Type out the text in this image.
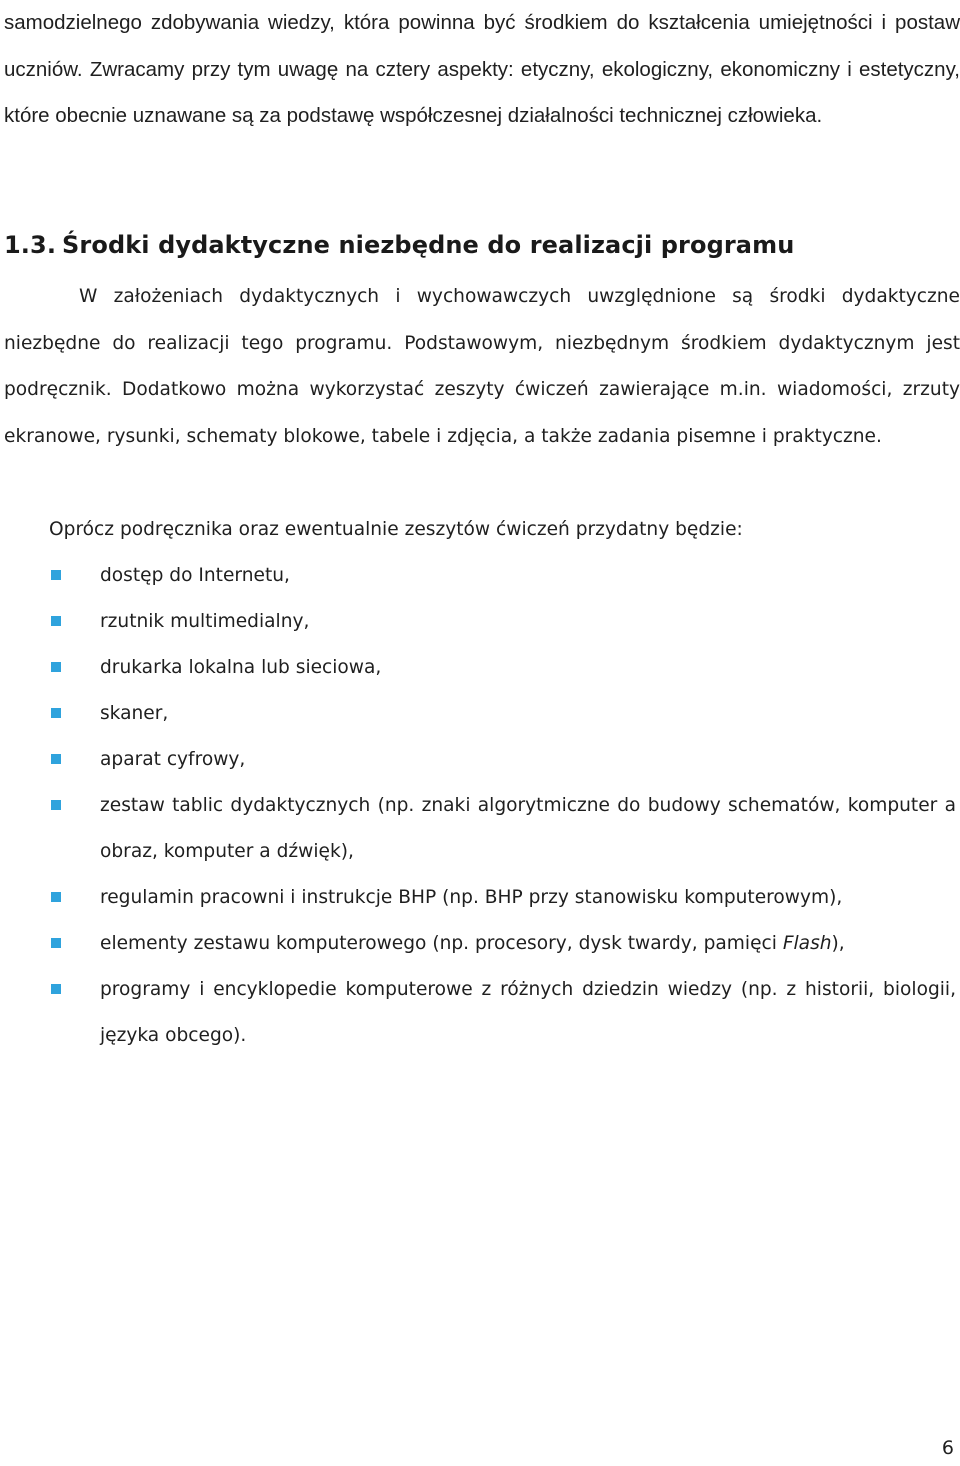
samodzielnego zdobywania wiedzy, która powinna być środkiem do kształcenia umiejętności i postaw uczniów. Zwracamy przy tym uwagę na cztery aspekty: etyczny, ekologiczny, ekonomiczny i estetyczny, które obecnie uznawane są za podstawę współczesnej działalności technicznej człowieka.

1.3. Środki dydaktyczne niezbędne do realizacji programu

W założeniach dydaktycznych i wychowawczych uwzględnione są środki dydaktyczne niezbędne do realizacji tego programu. Podstawowym, niezbędnym środkiem dydaktycznym jest podręcznik. Dodatkowo można wykorzystać zeszyty ćwiczeń zawierające m.in. wiadomości, zrzuty ekranowe, rysunki, schematy blokowe, tabele i zdjęcia, a także zadania pisemne i praktyczne.

Oprócz podręcznika oraz ewentualnie zeszytów ćwiczeń przydatny będzie:

dostęp do Internetu,
rzutnik multimedialny,
drukarka lokalna lub sieciowa,
skaner,
aparat cyfrowy,
zestaw tablic dydaktycznych (np. znaki algorytmiczne do budowy schematów, komputer a obraz, komputer a dźwięk),
regulamin pracowni i instrukcje BHP (np. BHP przy stanowisku komputerowym),
elementy zestawu komputerowego (np. procesory, dysk twardy, pamięci Flash),
programy i encyklopedie komputerowe z różnych dziedzin wiedzy (np. z historii, biologii, języka obcego).
6
